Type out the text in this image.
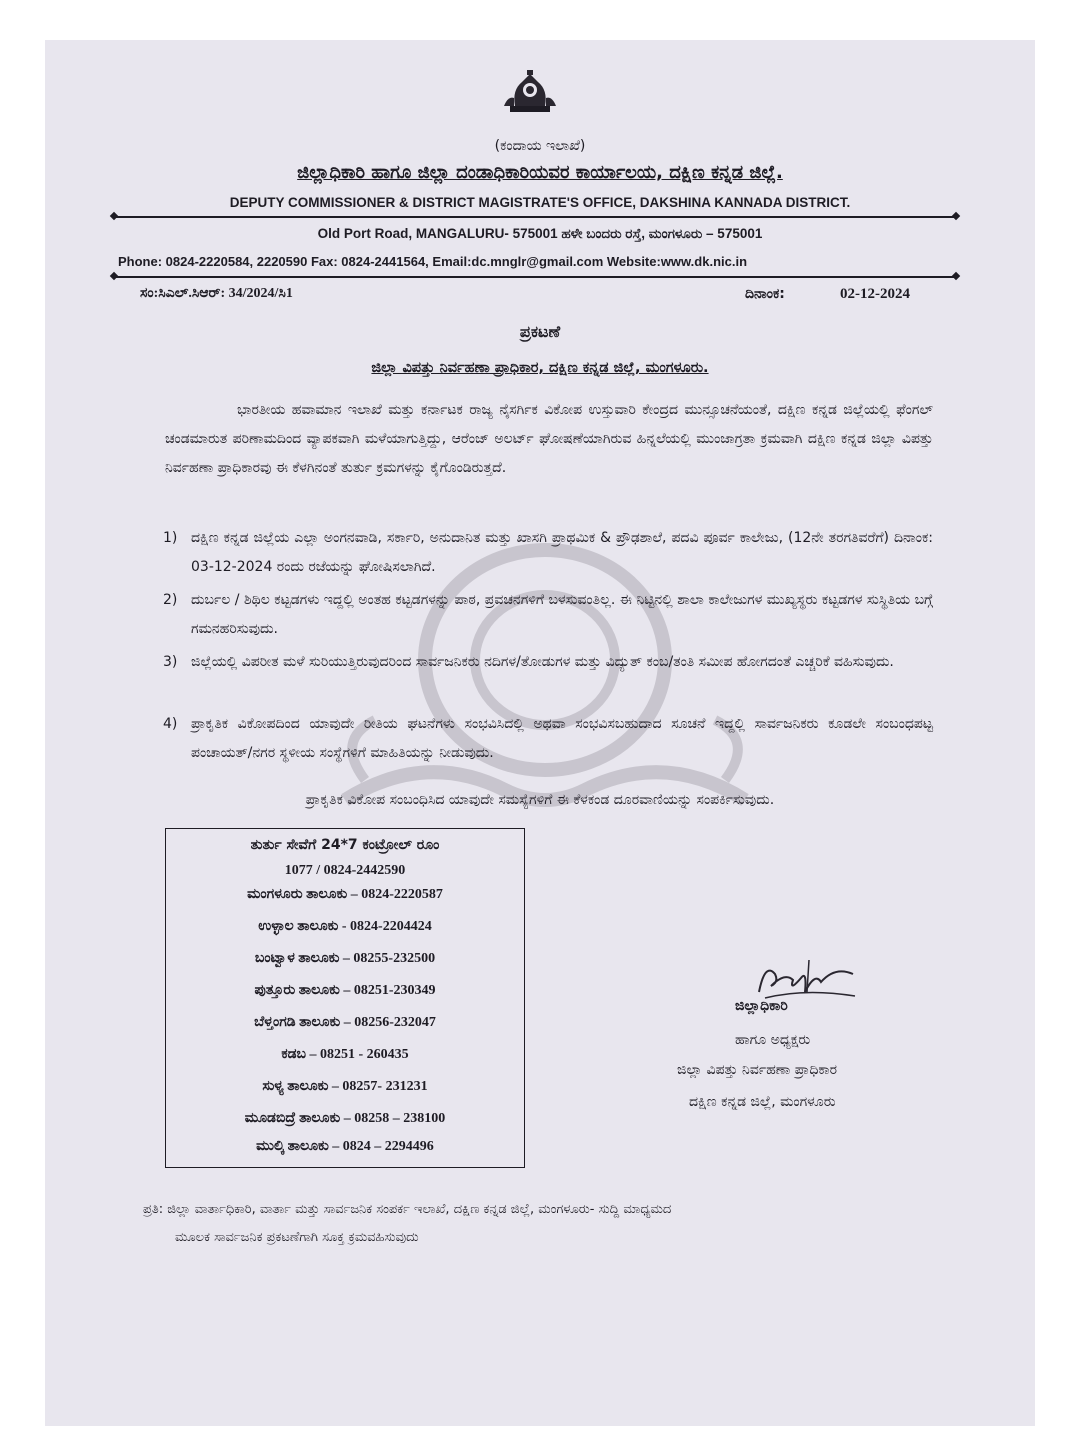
(ಕಂದಾಯ ಇಲಾಖೆ)
ಜಿಲ್ಲಾಧಿಕಾರಿ ಹಾಗೂ ಜಿಲ್ಲಾ ದಂಡಾಧಿಕಾರಿಯವರ ಕಾರ್ಯಾಲಯ, ದಕ್ಷಿಣ ಕನ್ನಡ ಜಿಲ್ಲೆ.
DEPUTY COMMISSIONER & DISTRICT MAGISTRATE'S OFFICE, DAKSHINA KANNADA DISTRICT.
Old Port Road, MANGALURU- 575001 ಹಳೇ ಬಂದರು ರಸ್ತೆ, ಮಂಗಳೂರು – 575001
Phone: 0824-2220584, 2220590 Fax: 0824-2441564, Email:dc.mnglr@gmail.com Website:www.dk.nic.in
ಸಂ:ಸಿಎಲ್.ಸಿಆರ್: 34/2024/ಸಿ1	ದಿನಾಂಕ:	02-12-2024
ಪ್ರಕಟಣೆ
ಜಿಲ್ಲಾ ವಿಪತ್ತು ನಿರ್ವಹಣಾ ಪ್ರಾಧಿಕಾರ, ದಕ್ಷಿಣ ಕನ್ನಡ ಜಿಲ್ಲೆ, ಮಂಗಳೂರು.
ಭಾರತೀಯ ಹವಾಮಾನ ಇಲಾಖೆ ಮತ್ತು ಕರ್ನಾಟಕ ರಾಜ್ಯ ನೈಸರ್ಗಿಕ ವಿಕೋಪ ಉಸ್ತುವಾರಿ ಕೇಂದ್ರದ ಮುನ್ಸೂಚನೆಯಂತೆ, ದಕ್ಷಿಣ ಕನ್ನಡ ಜಿಲ್ಲೆಯಲ್ಲಿ ಫೆಂಗಲ್ ಚಂಡಮಾರುತ ಪರಿಣಾಮದಿಂದ ವ್ಯಾಪಕವಾಗಿ ಮಳೆಯಾಗುತ್ತಿದ್ದು, ಆರೆಂಜ್ ಅಲರ್ಟ್ ಘೋಷಣೆಯಾಗಿರುವ ಹಿನ್ನಲೆಯಲ್ಲಿ ಮುಂಜಾಗ್ರತಾ ಕ್ರಮವಾಗಿ ದಕ್ಷಿಣ ಕನ್ನಡ ಜಿಲ್ಲಾ ವಿಪತ್ತು ನಿರ್ವಹಣಾ ಪ್ರಾಧಿಕಾರವು ಈ ಕೆಳಗಿನಂತೆ ತುರ್ತು ಕ್ರಮಗಳನ್ನು ಕೈಗೊಂಡಿರುತ್ತದೆ.
1) ದಕ್ಷಿಣ ಕನ್ನಡ ಜಿಲ್ಲೆಯ ಎಲ್ಲಾ ಅಂಗನವಾಡಿ, ಸರ್ಕಾರಿ, ಅನುದಾನಿತ ಮತ್ತು ಖಾಸಗಿ ಪ್ರಾಥಮಿಕ & ಪ್ರೌಢಶಾಲೆ, ಪದವಿ ಪೂರ್ವ ಕಾಲೇಜು, (12ನೇ ತರಗತಿವರೆಗೆ) ದಿನಾಂಕ: 03-12-2024 ರಂದು ರಜೆಯನ್ನು ಘೋಷಿಸಲಾಗಿದೆ.
2) ದುರ್ಬಲ / ಶಿಥಿಲ ಕಟ್ಟಡಗಳು ಇದ್ದಲ್ಲಿ ಅಂತಹ ಕಟ್ಟಡಗಳನ್ನು ಪಾಠ, ಪ್ರವಚನಗಳಿಗೆ ಬಳಸುವಂತಿಲ್ಲ. ಈ ನಿಟ್ಟಿನಲ್ಲಿ ಶಾಲಾ ಕಾಲೇಜುಗಳ ಮುಖ್ಯಸ್ಥರು ಕಟ್ಟಡಗಳ ಸುಸ್ಥಿತಿಯ ಬಗ್ಗೆ ಗಮನಹರಿಸುವುದು.
3) ಜಿಲ್ಲೆಯಲ್ಲಿ ವಿಪರೀತ ಮಳೆ ಸುರಿಯುತ್ತಿರುವುದರಿಂದ ಸಾರ್ವಜನಿಕರು ನದಿಗಳ/ತೋಡುಗಳ ಮತ್ತು ವಿದ್ಯುತ್ ಕಂಬ/ತಂತಿ ಸಮೀಪ ಹೋಗದಂತೆ ಎಚ್ಚರಿಕೆ ವಹಿಸುವುದು.
4) ಪ್ರಾಕೃತಿಕ ವಿಕೋಪದಿಂದ ಯಾವುದೇ ರೀತಿಯ ಘಟನೆಗಳು ಸಂಭವಿಸಿದಲ್ಲಿ ಅಥವಾ ಸಂಭವಿಸಬಹುದಾದ ಸೂಚನೆ ಇದ್ದಲ್ಲಿ ಸಾರ್ವಜನಿಕರು ಕೂಡಲೇ ಸಂಬಂಧಪಟ್ಟ ಪಂಚಾಯತ್/ನಗರ ಸ್ಥಳೀಯ ಸಂಸ್ಥೆಗಳಿಗೆ ಮಾಹಿತಿಯನ್ನು ನೀಡುವುದು.
ಪ್ರಾಕೃತಿಕ ವಿಕೋಪ ಸಂಬಂಧಿಸಿದ ಯಾವುದೇ ಸಮಸ್ಯೆಗಳಿಗೆ ಈ ಕೆಳಕಂಡ ದೂರವಾಣಿಯನ್ನು ಸಂಪರ್ಕಿಸುವುದು.
ತುರ್ತು ಸೇವೆಗೆ 24*7 ಕಂಟ್ರೋಲ್ ರೂಂ
1077 / 0824-2442590
ಮಂಗಳೂರು ತಾಲೂಕು – 0824-2220587
ಉಳ್ಳಾಲ ತಾಲೂಕು - 0824-2204424
ಬಂಟ್ವಾಳ ತಾಲೂಕು – 08255-232500
ಪುತ್ತೂರು ತಾಲೂಕು – 08251-230349
ಬೆಳ್ತಂಗಡಿ ತಾಲೂಕು – 08256-232047
ಕಡಬ – 08251 - 260435
ಸುಳ್ಯ ತಾಲೂಕು – 08257- 231231
ಮೂಡಬಿದ್ರೆ ತಾಲೂಕು – 08258 – 238100
ಮುಲ್ಕಿ ತಾಲೂಕು – 0824 – 2294496
ಜಿಲ್ಲಾಧಿಕಾರಿ
ಹಾಗೂ ಅಧ್ಯಕ್ಷರು
ಜಿಲ್ಲಾ ವಿಪತ್ತು ನಿರ್ವಹಣಾ ಪ್ರಾಧಿಕಾರ
ದಕ್ಷಿಣ ಕನ್ನಡ ಜಿಲ್ಲೆ, ಮಂಗಳೂರು
ಪ್ರತಿ: ಜಿಲ್ಲಾ ವಾರ್ತಾಧಿಕಾರಿ, ವಾರ್ತಾ ಮತ್ತು ಸಾರ್ವಜನಿಕ ಸಂಪರ್ಕ ಇಲಾಖೆ, ದಕ್ಷಿಣ ಕನ್ನಡ ಜಿಲ್ಲೆ, ಮಂಗಳೂರು- ಸುದ್ದಿ ಮಾಧ್ಯಮದ
ಮೂಲಕ ಸಾರ್ವಜನಿಕ ಪ್ರಕಟಣೆಗಾಗಿ ಸೂಕ್ತ ಕ್ರಮವಹಿಸುವುದು
